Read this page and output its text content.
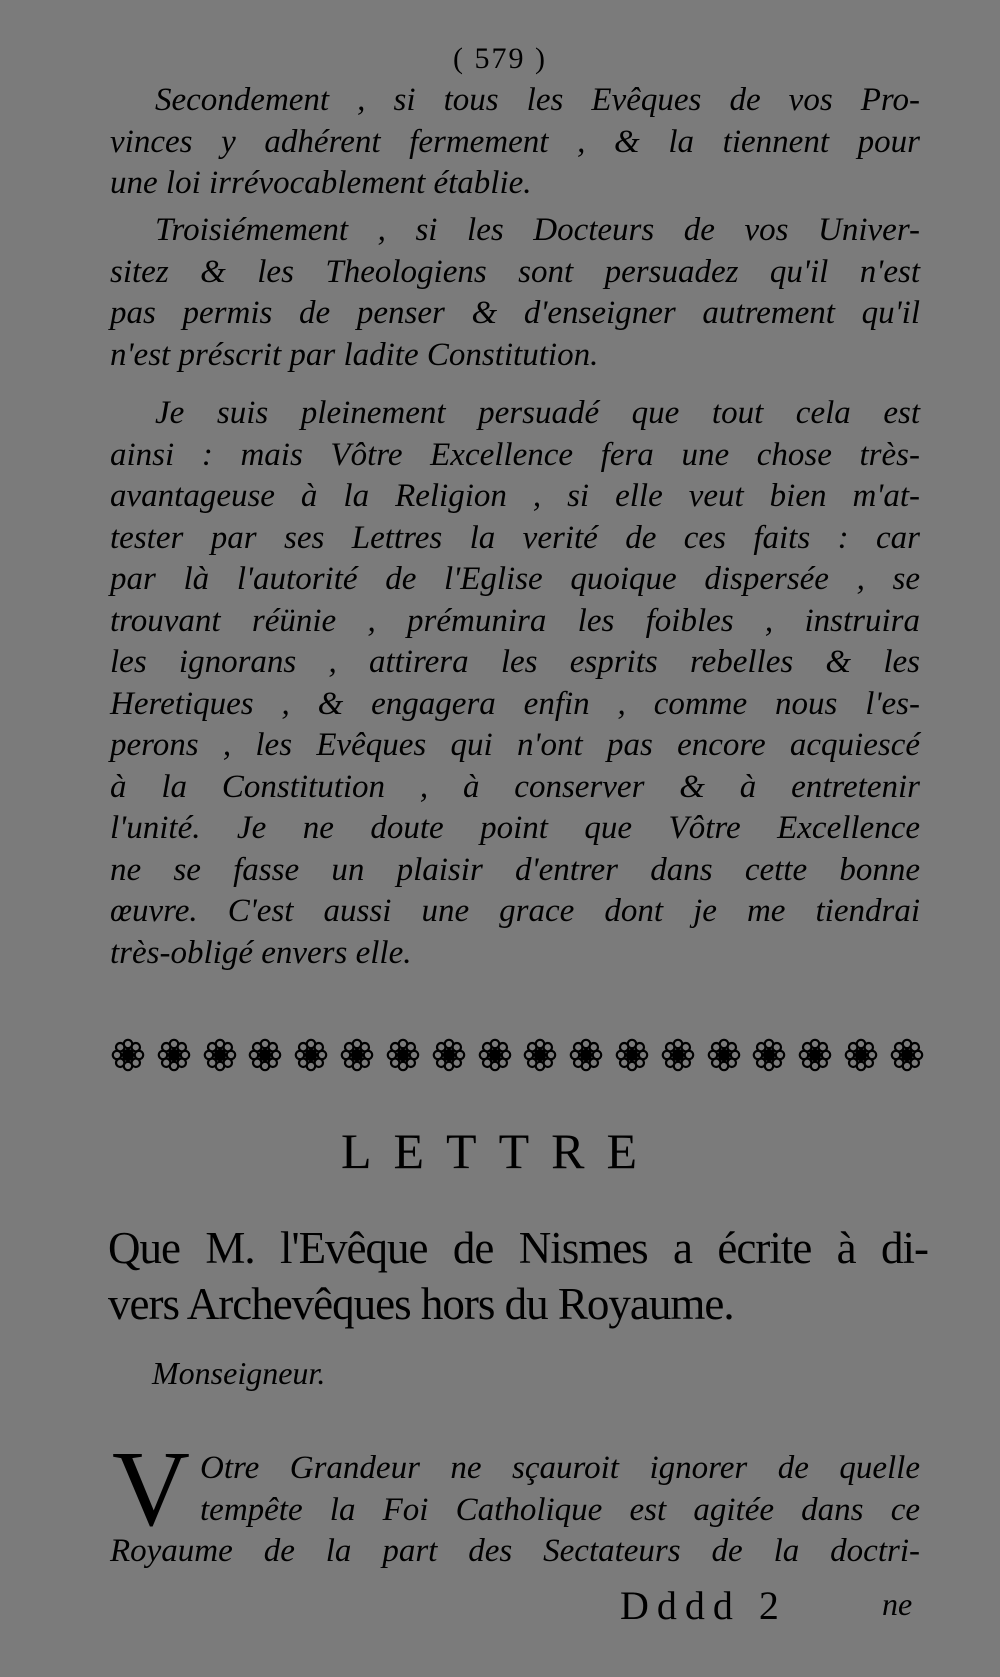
( 579 )
Secondement , si tous les Evêques de vos Pro-
vinces y adhérent fermement , & la tiennent pour
une loi irrévocablement établie.
Troisiémement , si les Docteurs de vos Univer-
sitez & les Theologiens sont persuadez qu'il n'est
pas permis de penser & d'enseigner autrement qu'il
n'est préscrit par ladite Constitution.
Je suis pleinement persuadé que tout cela est
ainsi : mais Vôtre Excellence fera une chose très-
avantageuse à la Religion , si elle veut bien m'at-
tester par ses Lettres la verité de ces faits : car
par là l'autorité de l'Eglise quoique dispersée , se
trouvant réünie , prémunira les foibles , instruira
les ignorans , attirera les esprits rebelles & les
Heretiques , & engagera enfin , comme nous l'es-
perons , les Evêques qui n'ont pas encore acquiescé
à la Constitution , à conserver & à entretenir
l'unité. Je ne doute point que Vôtre Excellence
ne se fasse un plaisir d'entrer dans cette bonne
œuvre. C'est aussi une grace dont je me tiendrai
très-obligé envers elle.
LETTRE
Que M. l'Evêque de Nismes a écrite à di-
vers Archevêques hors du Royaume.
Monseigneur.
V Otre Grandeur ne sçauroit ignorer de quelle
tempête la Foi Catholique est agitée dans ce
Royaume de la part des Sectateurs de la doctri-
Dddd 2	ne
